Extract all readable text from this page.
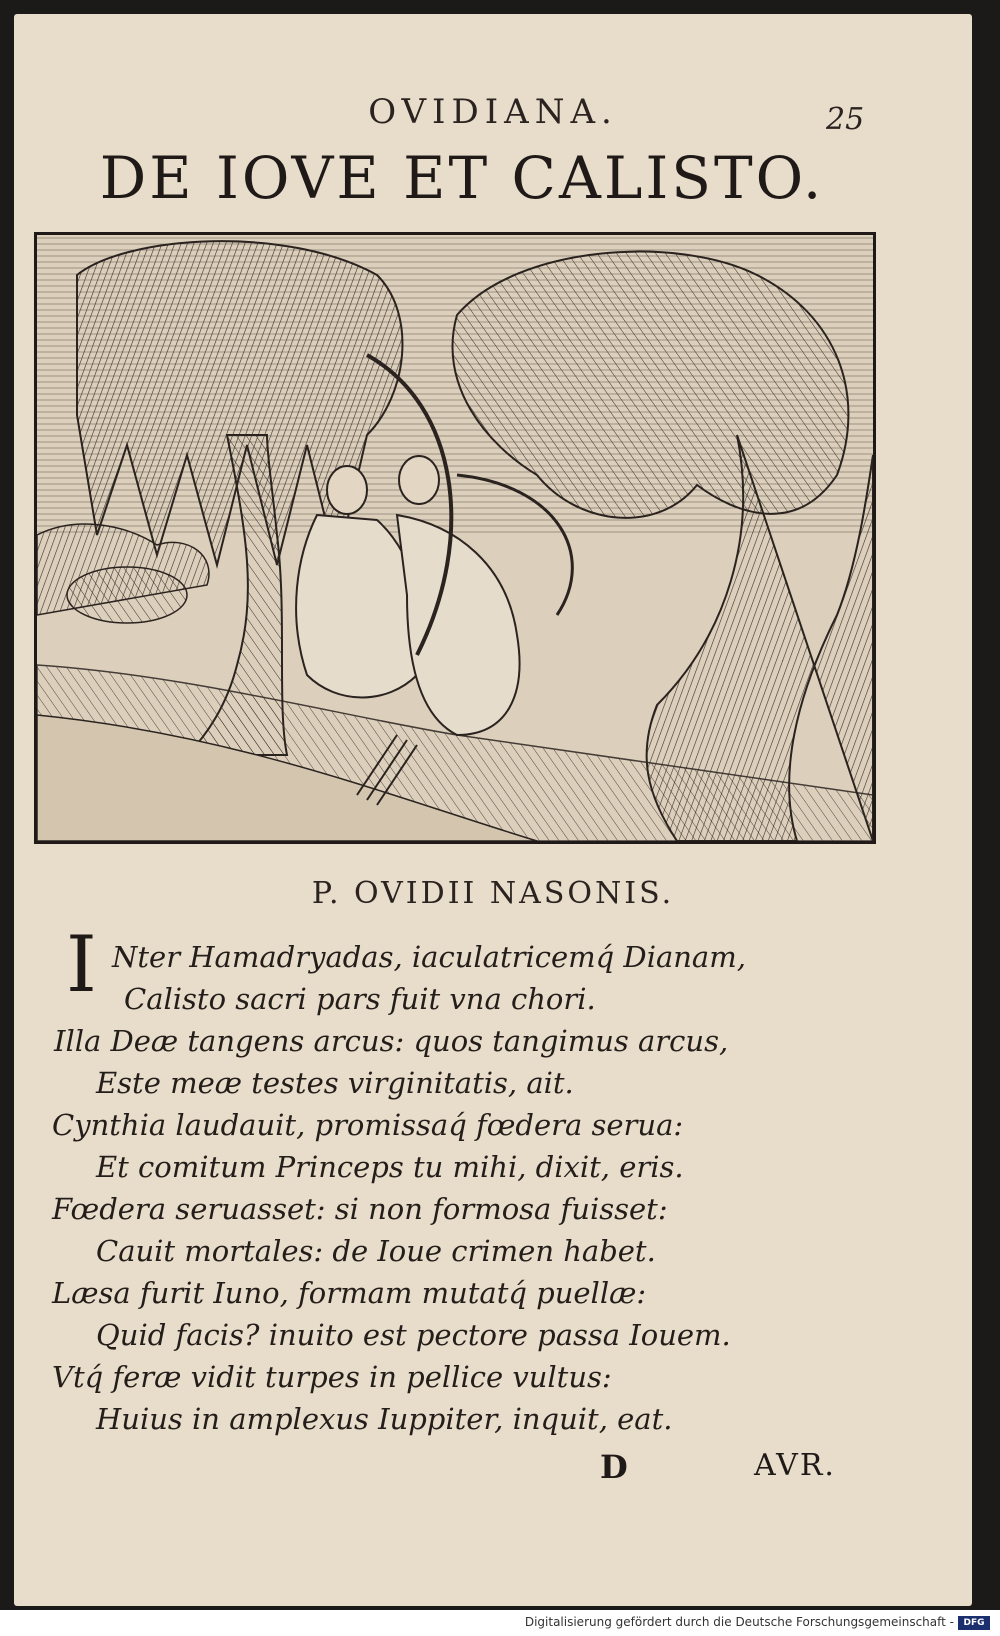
OVIDIANA.	25
DE IOVE ET CALISTO.
P. OVIDII NASONIS.
I Nter Hamadryadas, iaculatricemq́ Dianam,
Calisto sacri pars fuit vna chori.
Illa Deæ tangens arcus: quos tangimus arcus,
Este meæ testes virginitatis, ait.
Cynthia laudauit, promissaq́ fœdera serua:
Et comitum Princeps tu mihi, dixit, eris.
Fœdera seruasset: si non formosa fuisset:
Cauit mortales: de Ioue crimen habet.
Læsa furit Iuno, formam mutatq́ puellæ:
Quid facis? inuito est pectore passa Iouem.
Vtq́ feræ vidit turpes in pellice vultus:
Huius in amplexus Iuppiter, inquit, eat.
D	AVR.
Digitalisierung gefördert durch die Deutsche Forschungsgemeinschaft -	DFG
